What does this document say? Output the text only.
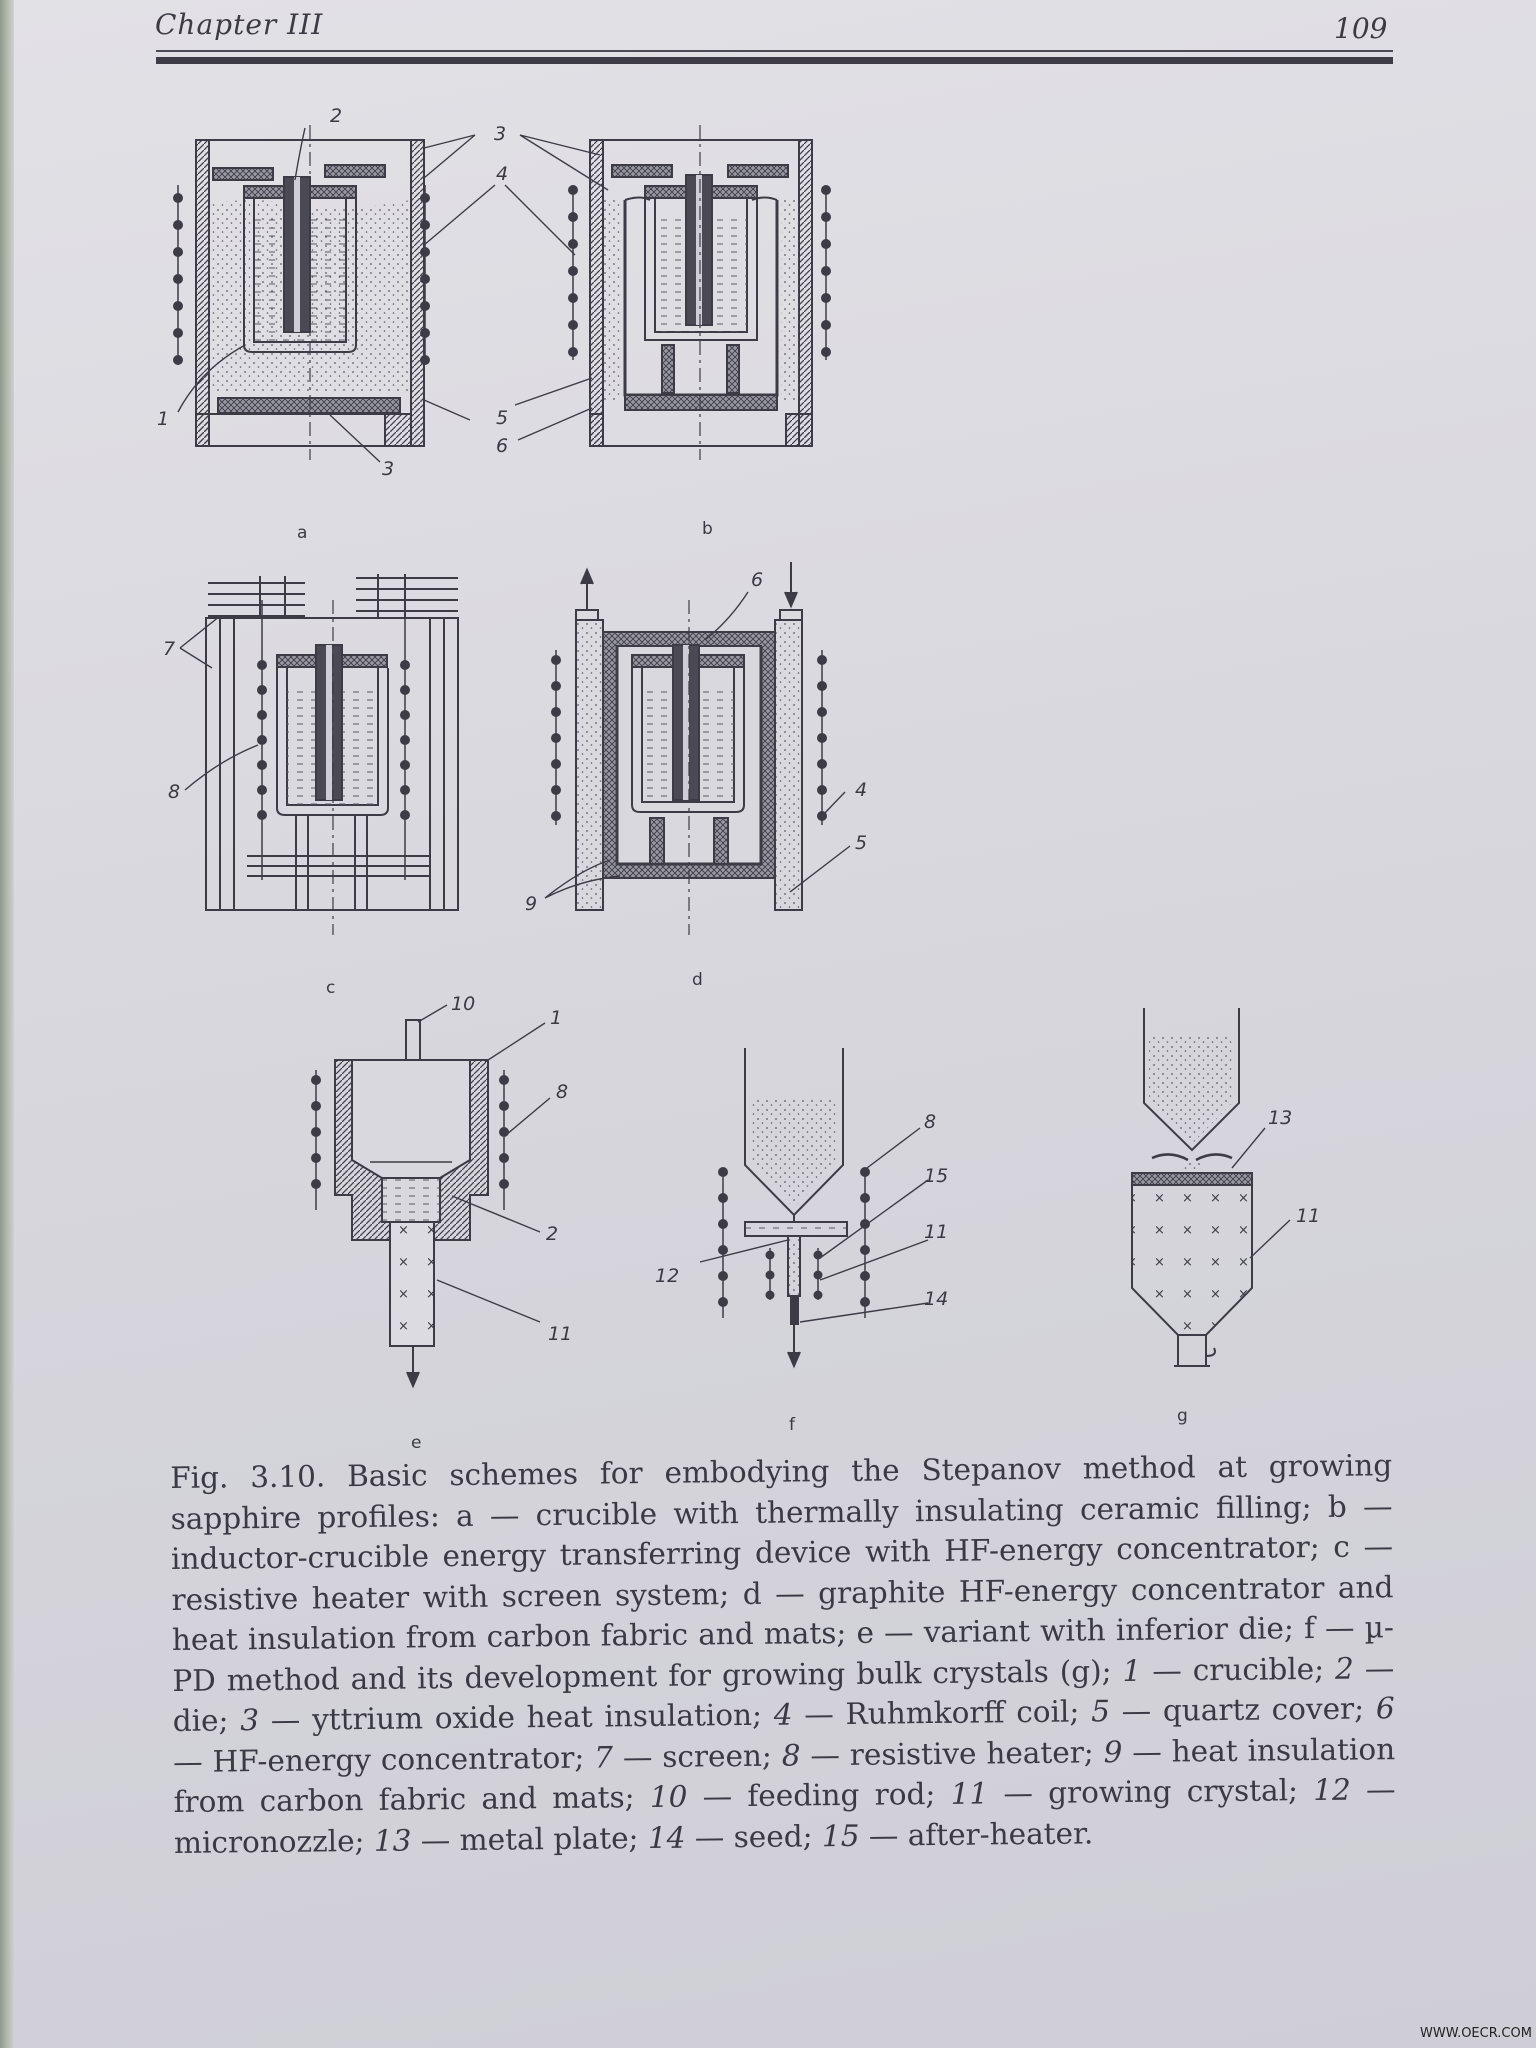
Chapter III	109
2
3
4
1
3
5
6
7
8
6
4
5
9
10
1
8
2
11
8
15
11
12
14
13
11
a	b
c	d
e
f	g
Fig. 3.10. Basic schemes for embodying the Stepanov method at growing sapphire profiles: a — crucible with thermally insulating ceramic filling; b — inductor-crucible energy transferring device with HF-energy concentrator; c — resistive heater with screen system; d — graphite HF-energy concentrator and heat insulation from carbon fabric and mats; e — variant with inferior die; f — µ-PD method and its development for growing bulk crystals (g); 1 — crucible; 2 — die; 3 — yttrium oxide heat insulation; 4 — Ruhmkorff coil; 5 — quartz cover; 6 — HF-energy concentrator; 7 — screen; 8 — resistive heater; 9 — heat insulation from carbon fabric and mats; 10 — feeding rod; 11 — growing crystal; 12 — micronozzle; 13 — metal plate; 14 — seed; 15 — after-heater.
WWW.OECR.COM
